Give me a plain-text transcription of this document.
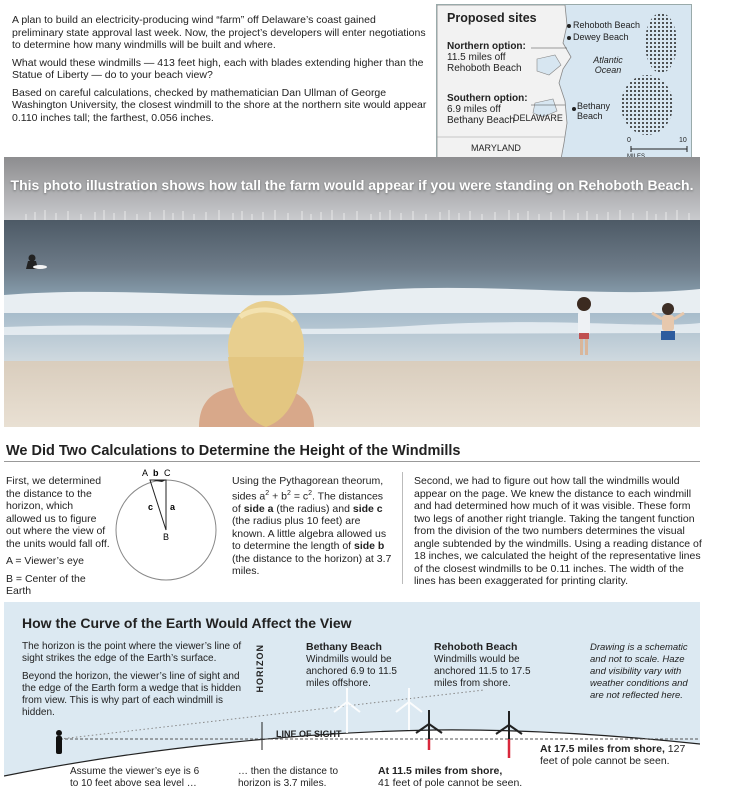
A plan to build an electricity-producing wind “farm” off Delaware’s coast gained preliminary state approval last week. Now, the project’s developers will enter negotiations to determine how many windmills will be built and where.

What would these windmills — 413 feet high, each with blades extending higher than the Statue of Liberty — do to your beach view?

Based on careful calculations, checked by mathematician Dan Ullman of George Washington University, the closest windmill to the shore at the northern site would appear 0.110 inches tall; the farthest, 0.056 inches.

Proposed sites	Rehoboth Beach
Dewey Beach
Atlantic Ocean
Northern option:
11.5 miles off Rehoboth Beach
Southern option:
6.9 miles off Bethany Beach
Bethany Beach
DELAWARE
MARYLAND
0	10
MILES
This photo illustration shows how tall the farm would appear if you were standing on Rehoboth Beach.
We Did Two Calculations to Determine the Height of the Windmills

First, we determined the distance to the horizon, which allowed us to figure out where the view of the units would fall off.

A = Viewer’s eye

B = Center of the Earth

A b C
c a
B
Using the Pythagorean theorum, sides $a^2 + b^2 = c^2$. The distances of side a (the radius) and side c (the radius plus 10 feet) are known. A little algebra allowed us to determine the length of side b (the distance to the horizon) at 3.7 miles.
Second, we had to figure out how tall the windmills would appear on the page. We knew the distance to each windmill and had determined how much of it was visible. These form two legs of another right triangle. Taking the tangent function from the division of the two numbers determines the visual angle subtended by the windmills. Using a reading distance of 18 inches, we calculated the height of the representative lines of the closest windmills to be 0.11 inches. The width of the lines has been exaggerated for printing clarity.
How the Curve of the Earth Would Affect the View

The horizon is the point where the viewer’s line of sight strikes the edge of the Earth’s surface.

Beyond the horizon, the viewer’s line of sight and the edge of the Earth form a wedge that is hidden from view. This is why part of each windmill is hidden.

HORIZON
LINE OF SIGHT
Bethany Beach
Windmills would be anchored 6.9 to 11.5 miles offshore.
Rehoboth Beach
Windmills would be anchored 11.5 to 17.5 miles from shore.
Drawing is a schematic and not to scale. Haze and visibility vary with weather conditions and are not reflected here.
Assume the viewer’s eye is 6 to 10 feet above sea level …
… then the distance to horizon is 3.7 miles.
At 11.5 miles from shore,
41 feet of pole cannot be seen.
At 17.5 miles from shore, 127 feet of pole cannot be seen.
